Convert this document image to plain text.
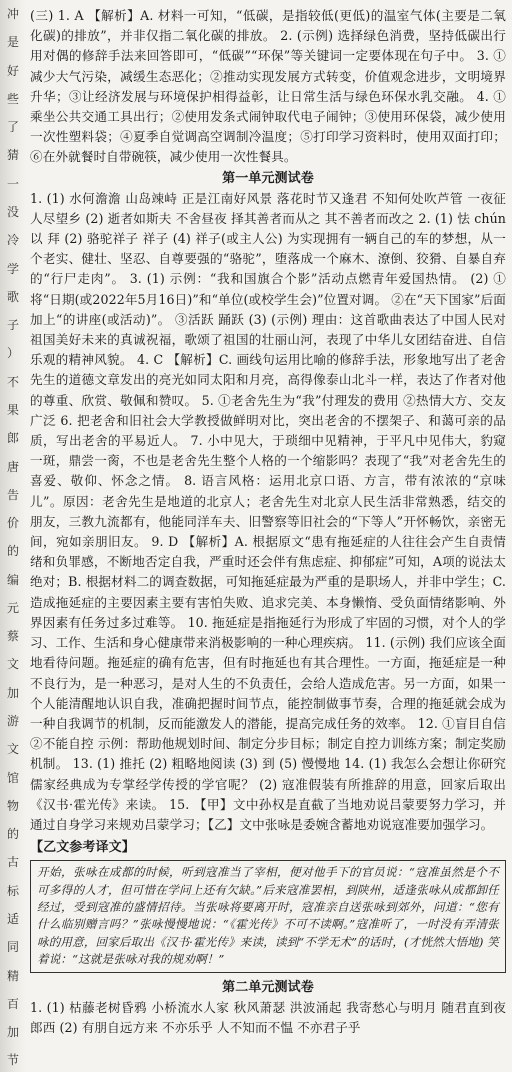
冲
是
好
些
了
猜
一
没
冷
学
歌
子
）
不
果
郎
唐
告
价
的
编
元
蔡
文
加
游
文
馆
物
的
古
标
适
同
精
百
加
节

(三) 1. A 【解析】A. 材料一可知，“低碳，是指较低(更低)的温室气体(主要是二氧化碳)的排放”，并非仅指二氧化碳的排放。 2. (示例) 选择绿色消费，坚持低碳出行 用对偶的修辞手法来回答即可，“低碳”“环保”等关键词一定要体现在句子中。 3. ①减少大气污染，减缓生态恶化；②推动实现发展方式转变，价值观念进步，文明境界升华；③让经济发展与环境保护相得益彰，让日常生活与绿色环保水乳交融。 4. ①乘坐公共交通工具出行；②使用发条式闹钟取代电子闹钟；③使用环保袋，减少使用一次性塑料袋；④夏季自觉调高空调制冷温度；⑤打印学习资料时，使用双面打印；⑥在外就餐时自带碗筷，减少使用一次性餐具。

第一单元测试卷

1. (1) 水何澹澹 山岛竦峙 正是江南好风景 落花时节又逢君 不知何处吹芦管 一夜征人尽望乡 (2) 逝者如斯夫 不舍昼夜 择其善者而从之 其不善者而改之 2. (1) 怯 chún 以 拜 (2) 骆驼祥子 祥子 (4) 祥子(或主人公) 为实现拥有一辆自己的车的梦想，从一个老实、健壮、坚忍、自尊要强的“骆驼”，堕落成一个麻木、潦倒、狡猾、自暴自弃的“行尸走肉”。 3. (1) 示例：“我和国旗合个影”活动点燃青年爱国热情。 (2) ①将“日期(或2022年5月16日)”和“单位(或校学生会)”位置对调。 ②在“天下国家”后面加上“的讲座(或活动)”。 ③活跃 踊跃 (3) (示例) 理由：这首歌曲表达了中国人民对祖国美好未来的真诚祝福，歌颂了祖国的壮丽山河，表现了中华儿女团结奋进、自信乐观的精神风貌。 4. C 【解析】C. 画线句运用比喻的修辞手法，形象地写出了老舍先生的道德文章发出的亮光如同太阳和月亮，高得像泰山北斗一样，表达了作者对他的尊重、欣赏、敬佩和赞叹。 5. ①老舍先生为“我”付理发的费用 ②热情大方、交友广泛 6. 把老舍和旧社会大学教授做鲜明对比，突出老舍的不摆架子、和蔼可亲的品质，写出老舍的平易近人。 7. 小中见大，于琐细中见精神，于平凡中见伟大，豹窥一斑，鼎尝一脔，不也是老舍先生整个人格的一个缩影吗？表现了“我”对老舍先生的喜爱、敬仰、怀念之情。 8. 语言风格：运用北京口语、方言，带有浓浓的“京味儿”。原因：老舍先生是地道的北京人；老舍先生对北京人民生活非常熟悉，结交的朋友，三教九流都有，他能同洋车夫、旧警察等旧社会的“下等人”开怀畅饮，亲密无间，宛如亲朋旧友。 9. D 【解析】A. 根据原文“患有拖延症的人往往会产生自责情绪和负罪感，不断地否定自我，严重时还会伴有焦虑症、抑郁症”可知，A项的说法太绝对；B. 根据材料二的调查数据，可知拖延症最为严重的是职场人，并非中学生；C. 造成拖延症的主要因素主要有害怕失败、追求完美、本身懒惰、受负面情绪影响、外界因素有任务过多过难等。 10. 拖延症是指拖延行为形成了牢固的习惯，对个人的学习、工作、生活和身心健康带来消极影响的一种心理疾病。 11. (示例) 我们应该全面地看待问题。拖延症的确有危害，但有时拖延也有其合理性。一方面，拖延症是一种不良行为，是一种恶习，是对人生的不负责任，会给人造成危害。另一方面，如果一个人能清醒地认识自我，准确把握时间节点，能控制做事节奏，合理的拖延就会成为一种自我调节的机制，反而能激发人的潜能，提高完成任务的效率。 12. ①盲目自信 ②不能自控 示例：帮助他规划时间、制定分步目标；制定自控力训练方案；制定奖励机制。 13. (1) 推托 (2) 粗略地阅读 (3) 到 (5) 慢慢地 14. (1) 我怎么会想让你研究儒家经典成为专掌经学传授的学官呢？ (2) 寇准假装有所推辞的用意，回家后取出《汉书·霍光传》来读。 15. 【甲】文中孙权是直截了当地劝说吕蒙要努力学习，并通过自身学习来规劝吕蒙学习；【乙】文中张咏是委婉含蓄地劝说寇准要加强学习。

【乙文参考译文】
开始，张咏在成都的时候，听到寇准当了宰相，便对他手下的官员说：“寇准虽然是个不可多得的人才，但可惜在学问上还有欠缺。”后来寇准罢相，到陕州，适逢张咏从成都卸任经过，受到寇准的盛情招待。当张咏将要离开时，寇准亲自送张咏到郊外，问道：“您有什么临别赠言吗？”张咏慢慢地说：“《霍光传》不可不读啊。”寇准听了，一时没有弄清张咏的用意，回家后取出《汉书·霍光传》来读，读到“不学无术”的话时，(才恍然大悟地) 笑着说：“这就是张咏对我的规劝啊！”

第二单元测试卷

1. (1) 枯藤老树昏鸦 小桥流水人家 秋风萧瑟 洪波涌起 我寄愁心与明月 随君直到夜郎西 (2) 有朋自远方来 不亦乐乎 人不知而不愠 不亦君子乎
